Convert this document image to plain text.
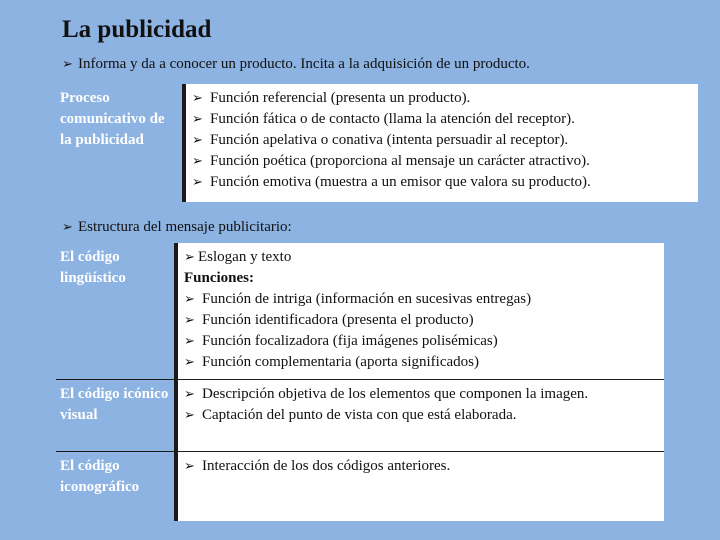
La publicidad
➢ Informa y da a conocer un producto. Incita a la adquisición de un producto.
Proceso comunicativo de la publicidad
➢ Función referencial (presenta un producto).
➢ Función fática o de contacto (llama la atención del receptor).
➢ Función apelativa o conativa (intenta persuadir al receptor).
➢ Función poética (proporciona al mensaje un carácter atractivo).
➢ Función emotiva (muestra a un emisor que valora su producto).
➢ Estructura del mensaje publicitario:
El código lingüístico
➢ Eslogan y texto
Funciones:
➢ Función de intriga (información en sucesivas entregas)
➢ Función identificadora (presenta el producto)
➢ Función focalizadora (fija imágenes polisémicas)
➢ Función complementaria (aporta significados)
El código icónico visual
➢ Descripción objetiva de los elementos que componen la imagen.
➢ Captación del punto de vista con que está elaborada.
El código iconográfico
➢ Interacción de los dos códigos anteriores.
